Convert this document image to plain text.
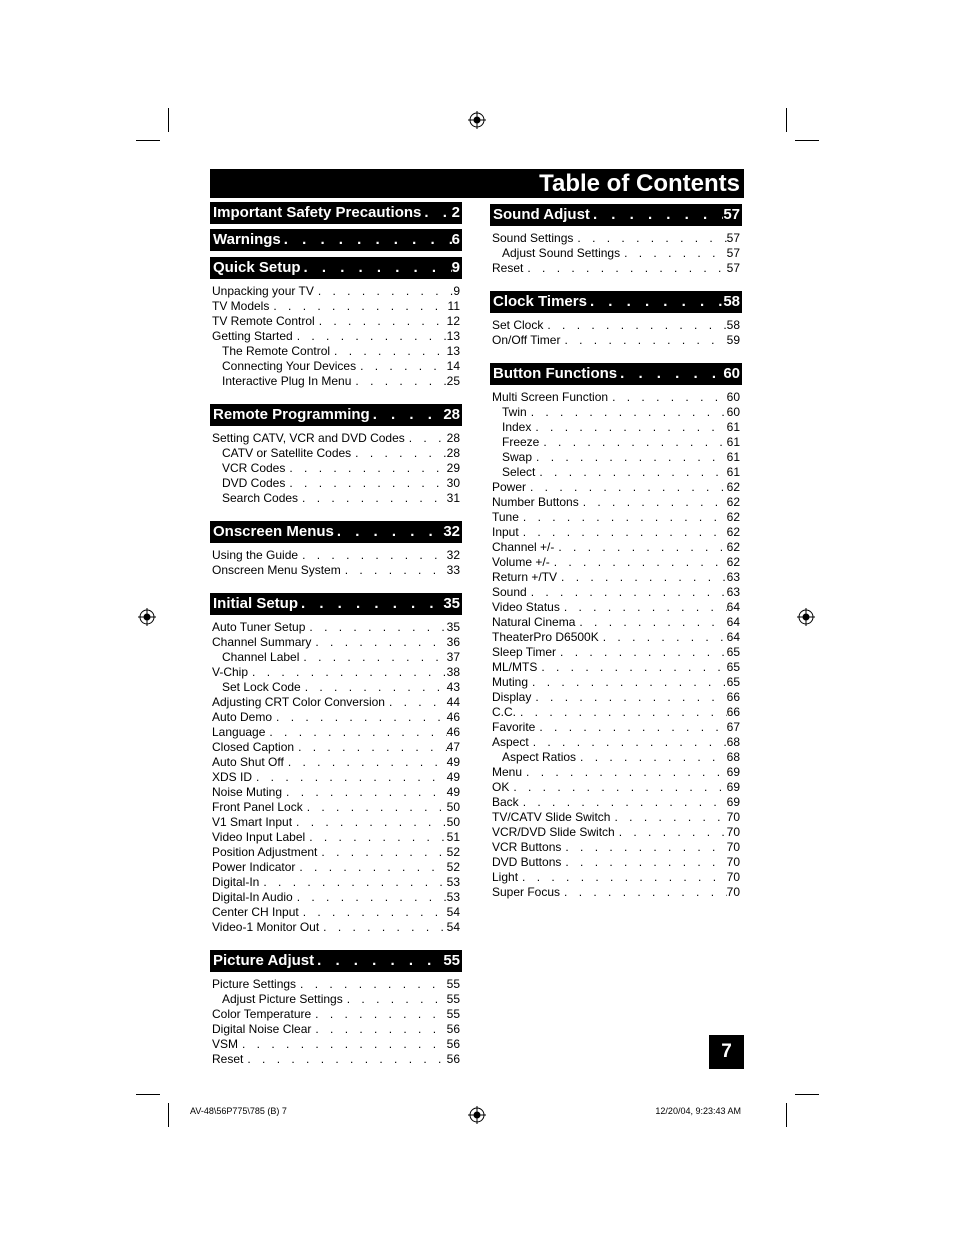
Table of Contents
Important Safety Precautions . . . 2
Warnings . . .	6
Quick Setup . . .	9
Unpacking your TV . . .	9
TV Models . . .	11
TV Remote Control . . .	12
Getting Started . . .	13
The Remote Control . . .	13
Connecting Your Devices . . .	14
Interactive Plug In Menu . . .	25
Remote Programming . . .	28
Setting CATV, VCR and DVD Codes . . .	28
CATV or Satellite Codes . . .	28
VCR Codes . . .	29
DVD Codes . . .	30
Search Codes . . .	31
Onscreen Menus . . .	32
Using the Guide . . .	32
Onscreen Menu System . . .	33
Initial Setup . . .	35
Auto Tuner Setup . . .	35
Channel Summary . . .	36
Channel Label . . .	37
V-Chip . . .	38
Set Lock Code . . .	43
Adjusting CRT Color Conversion . . .	44
Auto Demo . . .	46
Language . . .	46
Closed Caption . . .	47
Auto Shut Off . . .	49
XDS ID . . .	49
Noise Muting . . .	49
Front Panel Lock . . .	50
V1 Smart Input . . .	50
Video Input Label . . .	51
Position Adjustment . . .	52
Power Indicator . . .	52
Digital-In . . .	53
Digital-In Audio . . .	53
Center CH Input . . .	54
Video-1 Monitor Out . . .	54
Picture Adjust . . .	55
Picture Settings . . .	55
Adjust Picture Settings . . .	55
Color Temperature . . .	55
Digital Noise Clear . . .	56
VSM . . .	56
Reset . . .	56
Sound Adjust . . .	57
Sound Settings . . .	57
Adjust Sound Settings . . .	57
Reset . . .	57
Clock Timers . . .	58
Set Clock . . .	58
On/Off Timer . . .	59
Button Functions . . .	60
Multi Screen Function . . .	60
Twin . . .	60
Index . . .	61
Freeze . . .	61
Swap . . .	61
Select . . .	61
Power . . .	62
Number Buttons . . .	62
Tune . . .	62
Input . . .	62
Channel +/- . . .	62
Volume +/- . . .	62
Return +/TV . . .	63
Sound . . .	63
Video Status . . .	64
Natural Cinema . . .	64
TheaterPro D6500K . . .	64
Sleep Timer . . .	65
ML/MTS . . .	65
Muting . . .	65
Display . . .	66
C.C. . . .	66
Favorite . . .	67
Aspect . . .	68
Aspect Ratios . . .	68
Menu . . .	69
OK . . .	69
Back . . .	69
TV/CATV Slide Switch . . .	70
VCR/DVD Slide Switch . . .	70
VCR Buttons . . .	70
DVD Buttons . . .	70
Light . . .	70
Super Focus . . .	70
7
AV-48\56P775\785 (B) 7	12/20/04, 9:23:43 AM
